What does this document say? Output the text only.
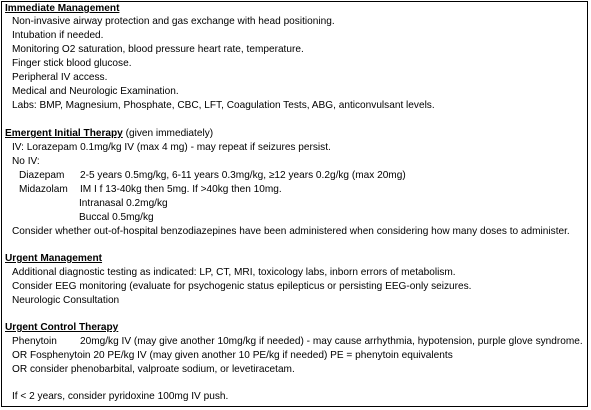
Immediate Management
Non-invasive airway protection and gas exchange with head positioning.
Intubation if needed.
Monitoring O2 saturation, blood pressure heart rate, temperature.
Finger stick blood glucose.
Peripheral IV access.
Medical and Neurologic Examination.
Labs: BMP, Magnesium, Phosphate, CBC, LFT, Coagulation Tests, ABG, anticonvulsant levels.
Emergent Initial Therapy (given immediately)
IV: Lorazepam 0.1mg/kg IV (max 4 mg) - may repeat if seizures persist.
No IV:
Diazepam 2-5 years 0.5mg/kg, 6-11 years 0.3mg/kg, ≥12 years 0.2g/kg (max 20mg)
Midazolam IM I f 13-40kg then 5mg. If >40kg then 10mg.
Intranasal 0.2mg/kg
Buccal 0.5mg/kg
Consider whether out-of-hospital benzodiazepines have been administered when considering how many doses to administer.
Urgent Management
Additional diagnostic testing as indicated: LP, CT, MRI, toxicology labs, inborn errors of metabolism.
Consider EEG monitoring (evaluate for psychogenic status epilepticus or persisting EEG-only seizures.
Neurologic Consultation
Urgent Control Therapy
Phenytoin 20mg/kg IV (may give another 10mg/kg if needed) - may cause arrhythmia, hypotension, purple glove syndrome.
OR Fosphenytoin 20 PE/kg IV (may given another 10 PE/kg if needed) PE = phenytoin equivalents
OR consider phenobarbital, valproate sodium, or levetiracetam.
If < 2 years, consider pyridoxine 100mg IV push.
